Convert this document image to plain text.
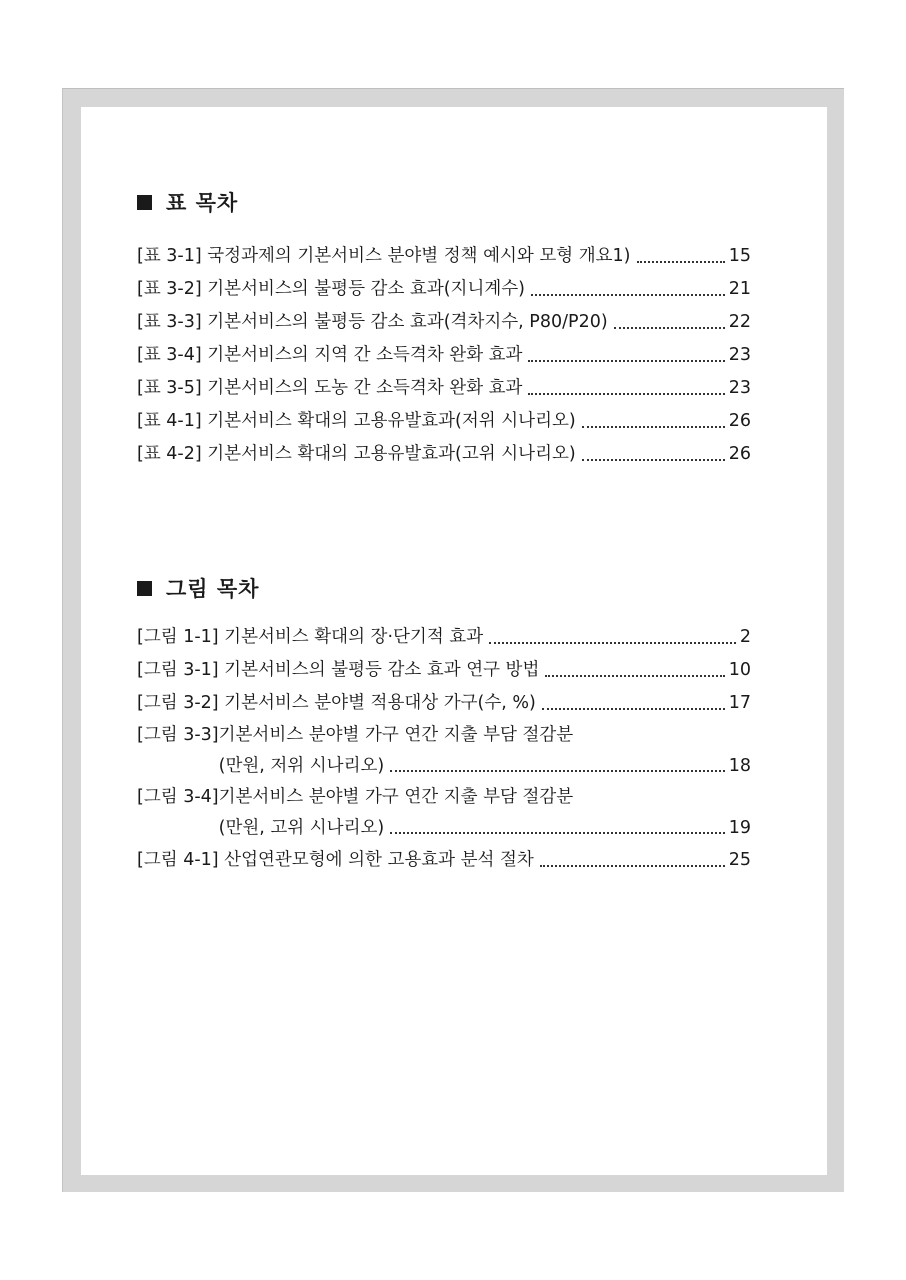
표 목차
[표 3-1] 국정과제의 기본서비스 분야별 정책 예시와 모형 개요1)	15
[표 3-2] 기본서비스의 불평등 감소 효과(지니계수)	21
[표 3-3] 기본서비스의 불평등 감소 효과(격차지수, P80/P20)	22
[표 3-4] 기본서비스의 지역 간 소득격차 완화 효과	23
[표 3-5] 기본서비스의 도농 간 소득격차 완화 효과	23
[표 4-1] 기본서비스 확대의 고용유발효과(저위 시나리오)	26
[표 4-2] 기본서비스 확대의 고용유발효과(고위 시나리오)	26
그림 목차
[그림 1-1] 기본서비스 확대의 장·단기적 효과	2
[그림 3-1] 기본서비스의 불평등 감소 효과 연구 방법	10
[그림 3-2] 기본서비스 분야별 적용대상 가구(수, %)	17
[그림 3-3] 기본서비스 분야별 가구 연간 지출 부담 절감분
(만원, 저위 시나리오)	18
[그림 3-4] 기본서비스 분야별 가구 연간 지출 부담 절감분
(만원, 고위 시나리오)	19
[그림 4-1] 산업연관모형에 의한 고용효과 분석 절차	25
